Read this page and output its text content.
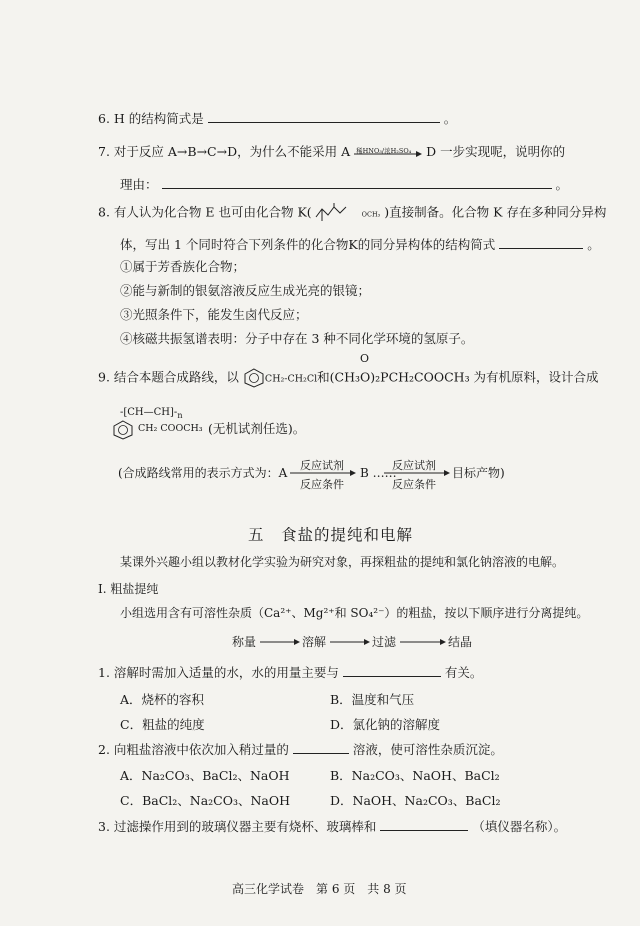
6. H 的结构简式是	。
7. 对于反应 A→B→C→D，为什么不能采用 A 稀HNO₃/浓H₂SO₄ D 一步实现呢，说明你的
理由：	。
8. 有人认为化合物 E 也可由化合物 K(	OCH₃ )直接制备。化合物 K 存在多种同分异构
体，写出 1 个同时符合下列条件的化合物K的同分异构体的结构简式	。
①属于芳香族化合物；
②能与新制的银氨溶液反应生成光亮的银镜；
③光照条件下，能发生卤代反应；
④核磁共振氢谱表明：分子中存在 3 种不同化学环境的氢原子。
O
9. 结合本题合成路线，以	CH₂-CH₂Cl和(CH₃O)₂PCH₂COOCH₃ 为有机原料，设计合成
$-[CH—CH]-_n$
CH₂ COOCH₃ (无机试剂任选)。
(合成路线常用的表示方式为：A
反应试剂
反应条件
B ……
反应试剂
反应条件
目标产物)
五　食盐的提纯和电解
某课外兴趣小组以教材化学实验为研究对象，再探粗盐的提纯和氯化钠溶液的电解。
I. 粗盐提纯
小组选用含有可溶性杂质（Ca²⁺、Mg²⁺和 SO₄²⁻）的粗盐，按以下顺序进行分离提纯。
称量	溶解	过滤	结晶
1. 溶解时需加入适量的水，水的用量主要与	有关。
A．烧杯的容积	B．温度和气压
C．粗盐的纯度	D．氯化钠的溶解度
2. 向粗盐溶液中依次加入稍过量的	溶液，使可溶性杂质沉淀。
A．Na₂CO₃、BaCl₂、NaOH	B．Na₂CO₃、NaOH、BaCl₂
C．BaCl₂、Na₂CO₃、NaOH	D．NaOH、Na₂CO₃、BaCl₂
3. 过滤操作用到的玻璃仪器主要有烧杯、玻璃棒和	（填仪器名称）。
高三化学试卷　第 6 页　共 8 页
